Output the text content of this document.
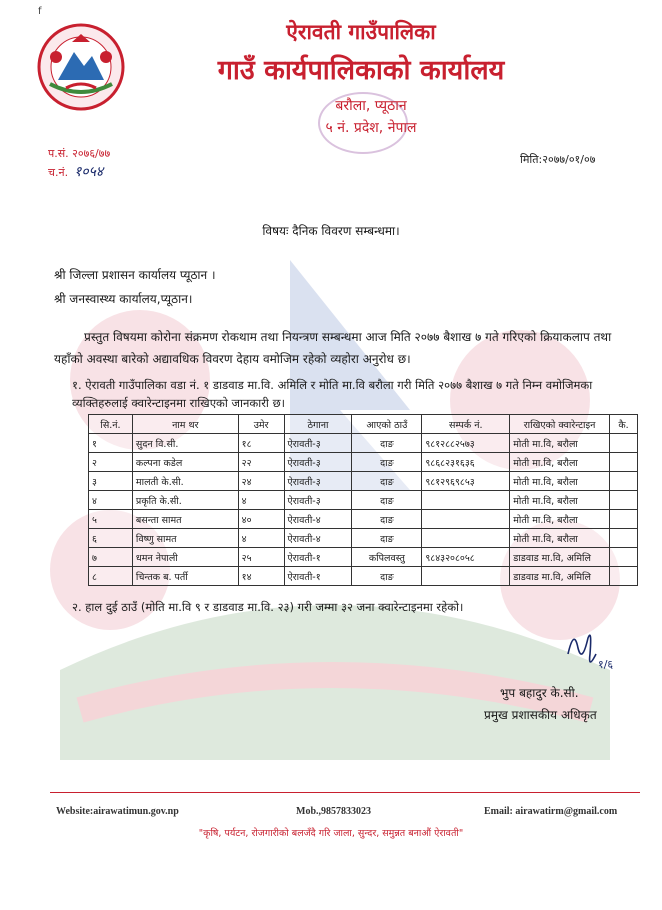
f
ऐरावती गाउँपालिका
गाउँ कार्यपालिकाको कार्यालय
बरौला, प्यूठान
५ नं. प्रदेश, नेपाल
प.सं. २०७६/७७
च.नं. १०५४
मिति:२०७७/०१/०७
विषयः दैनिक विवरण सम्बन्धमा।
श्री जिल्ला प्रशासन कार्यालय प्यूठान ।
श्री जनस्वास्थ्य कार्यालय,प्यूठान।
प्रस्तुत विषयमा कोरोना संक्रमण रोकथाम तथा नियन्त्रण सम्बन्धमा आज मिति २०७७ बैशाख ७ गते गरिएको क्रियाकलाप तथा यहाँको अवस्था बारेको अद्यावधिक विवरण देहाय वमोजिम रहेको व्यहोरा अनुरोध छ।
१. ऐरावती गाउँपालिका वडा नं. १ डाडवाड मा.वि. अमिलि र मोति मा.वि बरौला गरी मिति २०७७ बैशाख ७ गते निम्न वमोजिमका व्यक्तिहरुलाई क्वारेन्टाइनमा राखिएको जानकारी छ।
सि.नं.	नाम थर	उमेर	ठेगाना	आएको ठाउँ	सम्पर्क नं.	राखिएको क्वारेन्टाइन	कै.
१	सुदन वि.सी.	१८	ऐरावती-३	दाङ	९८१२८८२५७३	मोती मा.वि, बरौला	
२	कल्पना कडेल	२२	ऐरावती-३	दाङ	९८६८२३१६३६	मोती मा.वि, बरौला	
३	मालती के.सी.	२४	ऐरावती-३	दाङ	९८१२९६९८५३	मोती मा.वि, बरौला	
४	प्रकृति के.सी.	४	ऐरावती-३	दाङ		मोती मा.वि, बरौला	
५	बसन्ता सामत	४०	ऐरावती-४	दाङ		मोती मा.वि, बरौला	
६	विष्णु सामत	४	ऐरावती-४	दाङ		मोती मा.वि, बरौला	
७	धमन नेपाली	२५	ऐरावती-१	कपिलवस्तु	९८४३२०८०५८	डाडवाड मा.वि, अमिलि	
८	चिन्तक ब. पर्ती	१४	ऐरावती-१	दाङ		डाडवाड मा.वि, अमिलि	
२. हाल दुई ठाउँ (मोति मा.वि ९ र डाडवाड मा.वि. २३) गरी जम्मा ३२ जना क्वारेन्टाइनमा रहेको।
१/६
भुप बहादुर के.सी.
प्रमुख प्रशासकीय अधिकृत
Website:airawatimun.gov.np	Mob.,9857833023	Email: airawatirm@gmail.com
"कृषि, पर्यटन, रोजगारीको बलजँदै गरि जाला, सुन्दर, समुन्नत बनाऔं ऐरावती"
